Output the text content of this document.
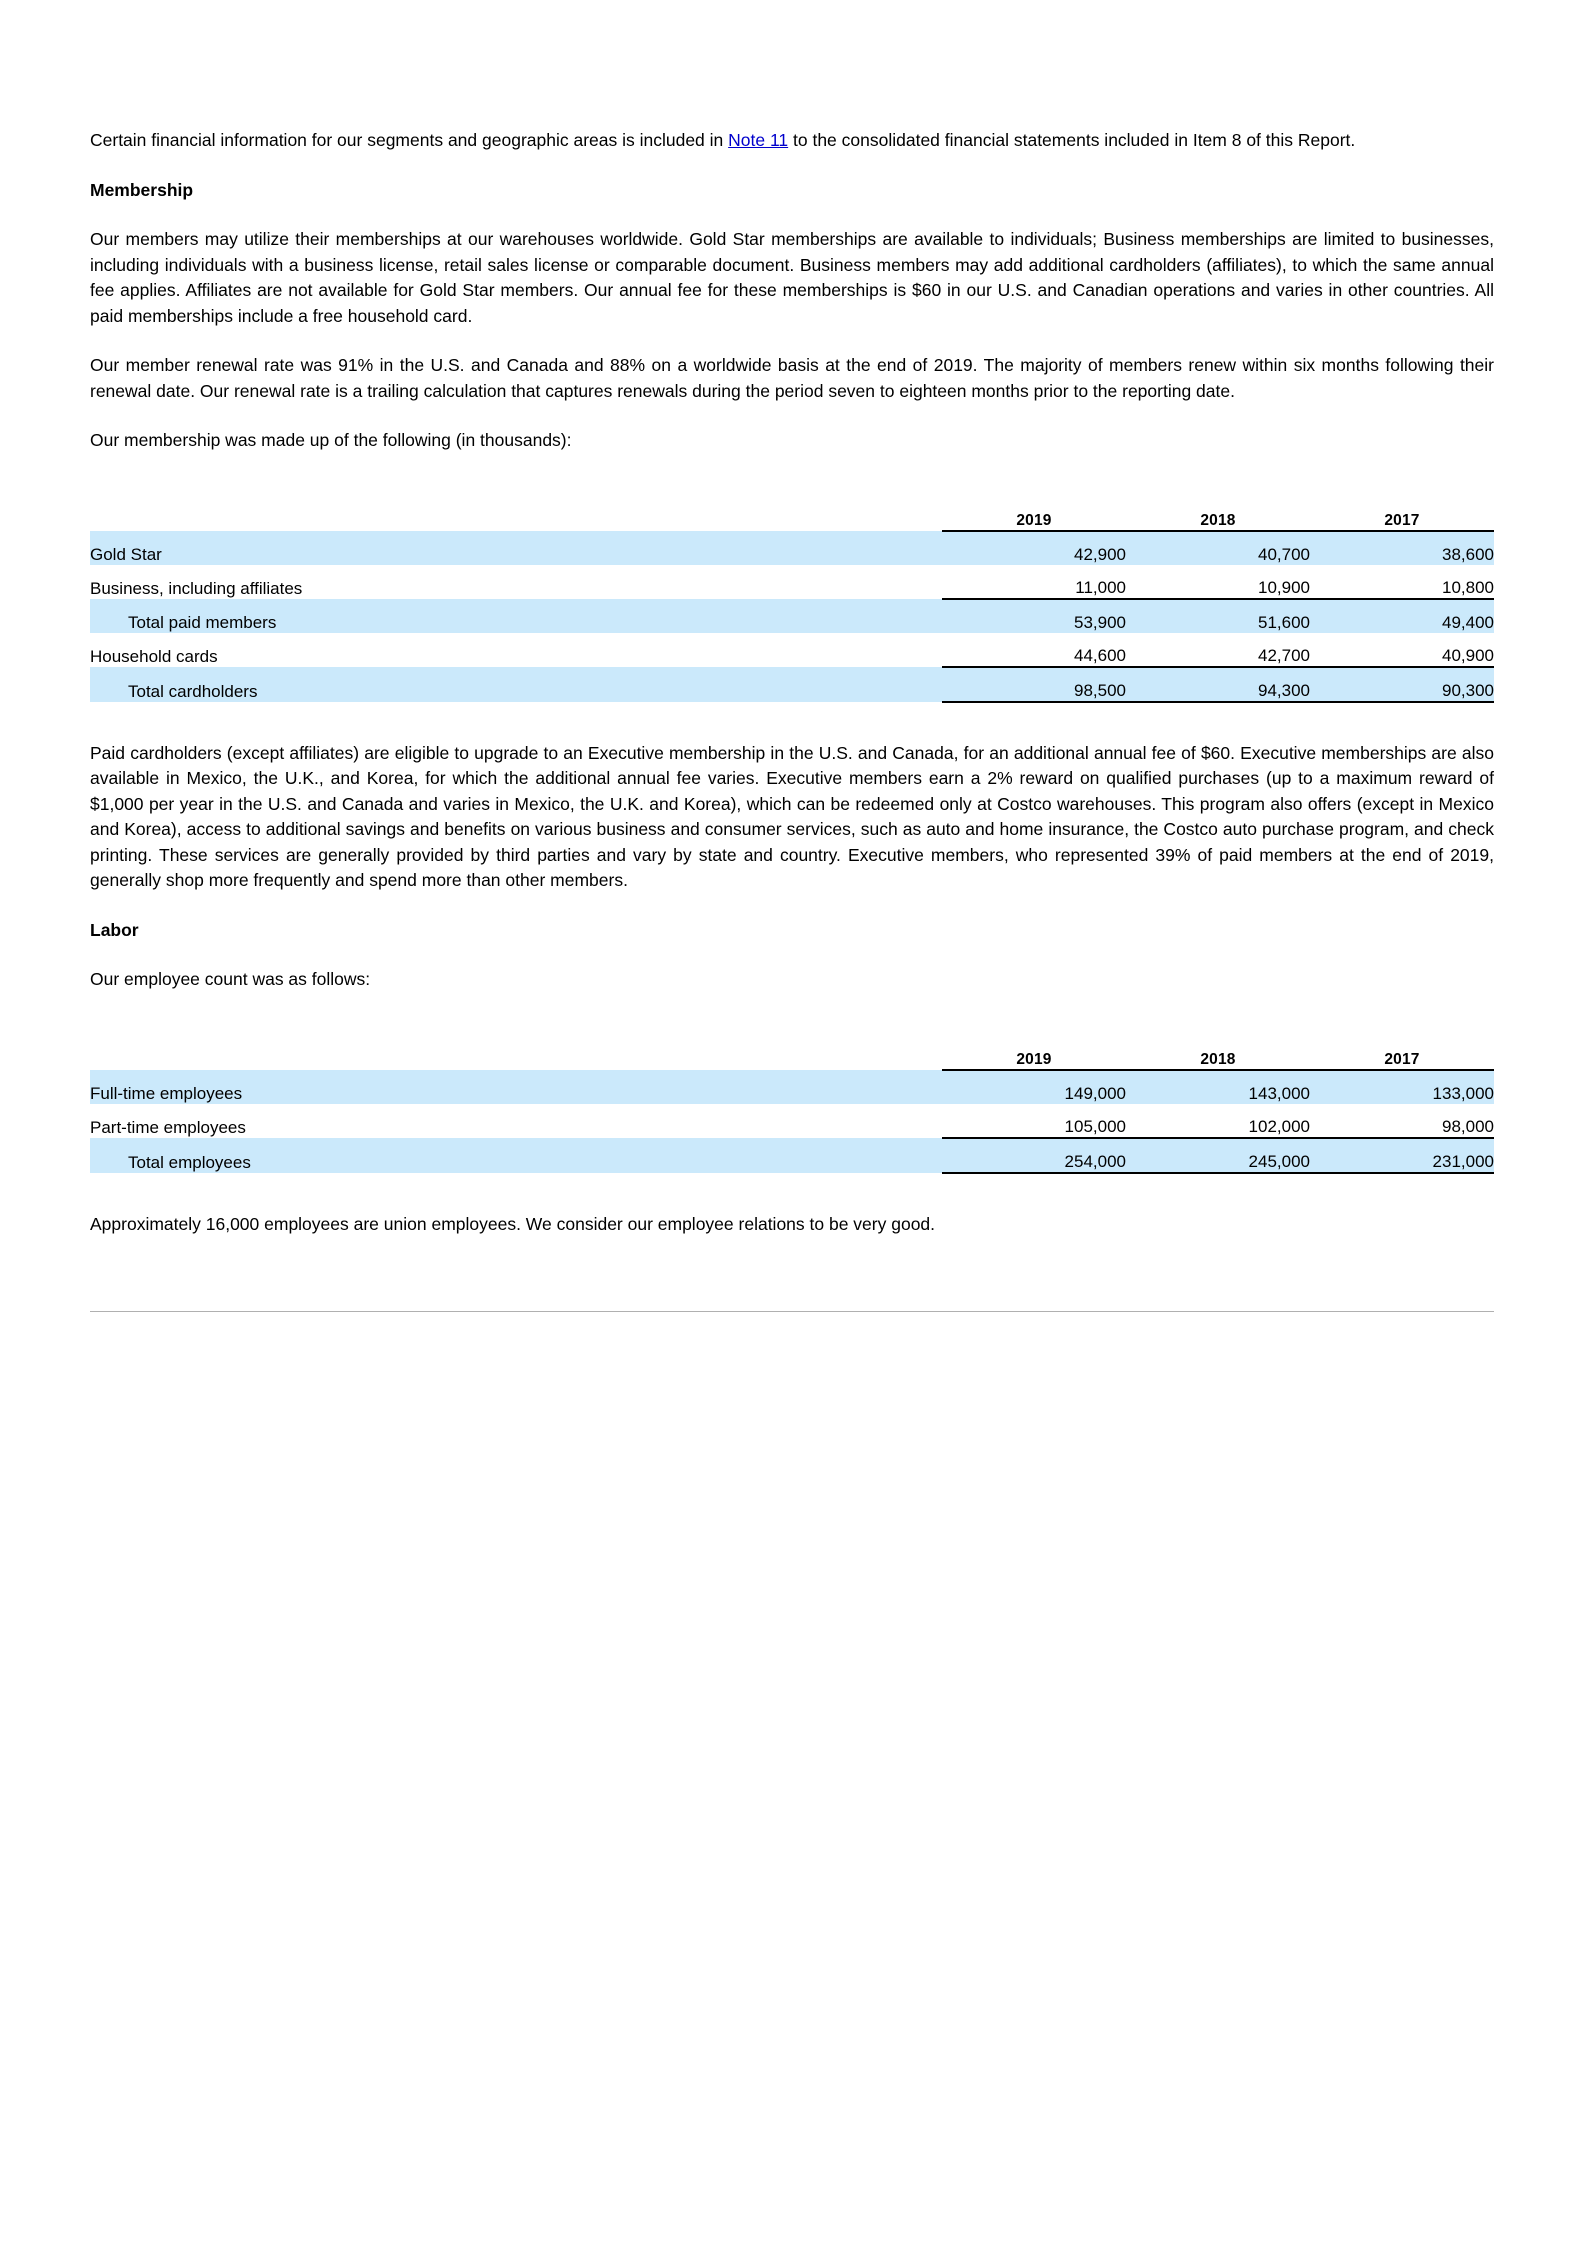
Certain financial information for our segments and geographic areas is included in Note 11 to the consolidated financial statements included in Item 8 of this Report.

Membership

Our members may utilize their memberships at our warehouses worldwide. Gold Star memberships are available to individuals; Business memberships are limited to businesses, including individuals with a business license, retail sales license or comparable document. Business members may add additional cardholders (affiliates), to which the same annual fee applies. Affiliates are not available for Gold Star members. Our annual fee for these memberships is $60 in our U.S. and Canadian operations and varies in other countries. All paid memberships include a free household card.

Our member renewal rate was 91% in the U.S. and Canada and 88% on a worldwide basis at the end of 2019. The majority of members renew within six months following their renewal date. Our renewal rate is a trailing calculation that captures renewals during the period seven to eighteen months prior to the reporting date.

Our membership was made up of the following (in thousands):

	2019	2018	2017
Gold Star	42,900	40,700	38,600
Business, including affiliates	11,000	10,900	10,800
Total paid members	53,900	51,600	49,400
Household cards	44,600	42,700	40,900
Total cardholders	98,500	94,300	90,300

Paid cardholders (except affiliates) are eligible to upgrade to an Executive membership in the U.S. and Canada, for an additional annual fee of $60. Executive memberships are also available in Mexico, the U.K., and Korea, for which the additional annual fee varies. Executive members earn a 2% reward on qualified purchases (up to a maximum reward of $1,000 per year in the U.S. and Canada and varies in Mexico, the U.K. and Korea), which can be redeemed only at Costco warehouses. This program also offers (except in Mexico and Korea), access to additional savings and benefits on various business and consumer services, such as auto and home insurance, the Costco auto purchase program, and check printing. These services are generally provided by third parties and vary by state and country. Executive members, who represented 39% of paid members at the end of 2019, generally shop more frequently and spend more than other members.

Labor

Our employee count was as follows:

	2019	2018	2017
Full-time employees	149,000	143,000	133,000
Part-time employees	105,000	102,000	98,000
Total employees	254,000	245,000	231,000

Approximately 16,000 employees are union employees. We consider our employee relations to be very good.
